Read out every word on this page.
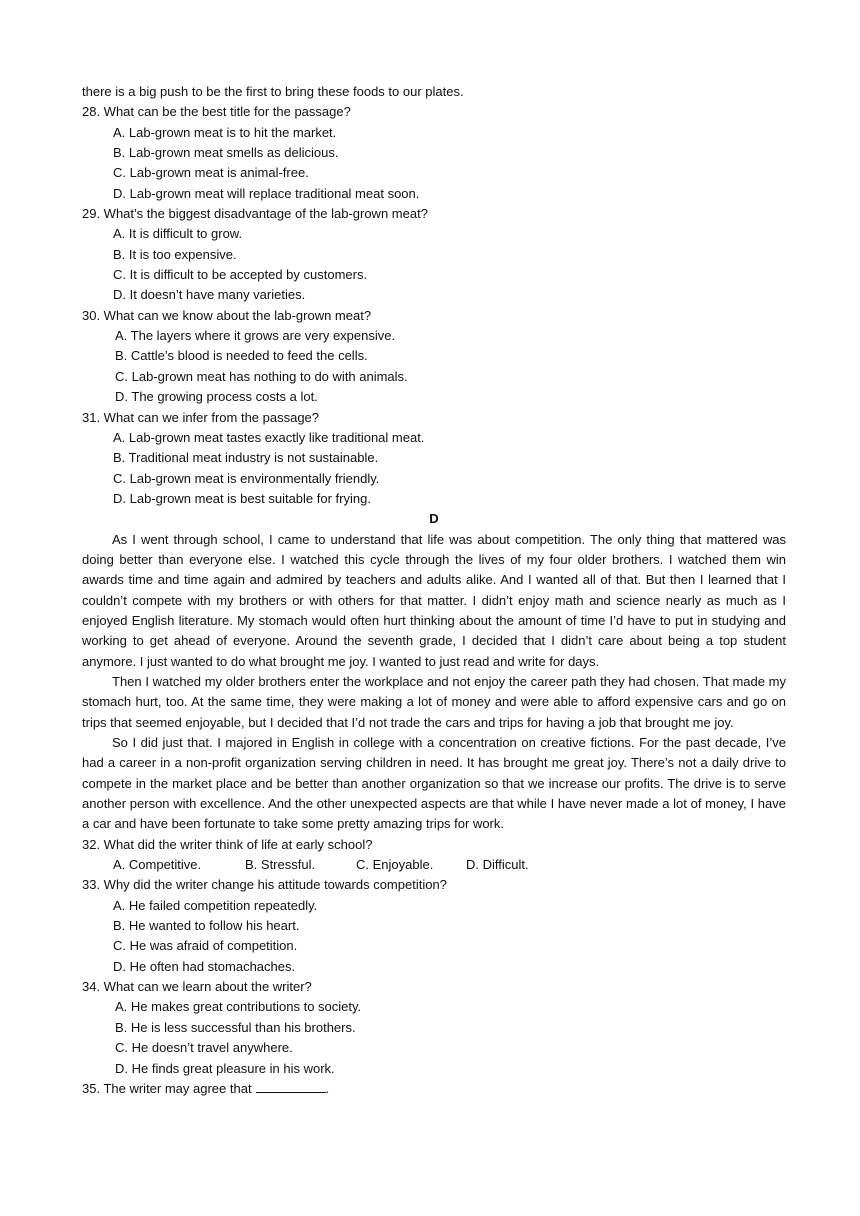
there is a big push to be the first to bring these foods to our plates.
28. What can be the best title for the passage?
A. Lab-grown meat is to hit the market.
B. Lab-grown meat smells as delicious.
C. Lab-grown meat is animal-free.
D. Lab-grown meat will replace traditional meat soon.
29. What’s the biggest disadvantage of the lab-grown meat?
A. It is difficult to grow.
B. It is too expensive.
C. It is difficult to be accepted by customers.
D. It doesn’t have many varieties.
30. What can we know about the lab-grown meat?
A. The layers where it grows are very expensive.
B. Cattle’s blood is needed to feed the cells.
C. Lab-grown meat has nothing to do with animals.
D. The growing process costs a lot.
31. What can we infer from the passage?
A. Lab-grown meat tastes exactly like traditional meat.
B. Traditional meat industry is not sustainable.
C. Lab-grown meat is environmentally friendly.
D. Lab-grown meat is best suitable for frying.
D

As I went through school, I came to understand that life was about competition. The only thing that mattered was doing better than everyone else. I watched this cycle through the lives of my four older brothers. I watched them win awards time and time again and admired by teachers and adults alike. And I wanted all of that. But then I learned that I couldn’t compete with my brothers or with others for that matter. I didn’t enjoy math and science nearly as much as I enjoyed English literature. My stomach would often hurt thinking about the amount of time I’d have to put in studying and working to get ahead of everyone. Around the seventh grade, I decided that I didn’t care about being a top student anymore. I just wanted to do what brought me joy. I wanted to just read and write for days.

Then I watched my older brothers enter the workplace and not enjoy the career path they had chosen. That made my stomach hurt, too. At the same time, they were making a lot of money and were able to afford expensive cars and go on trips that seemed enjoyable, but I decided that I’d not trade the cars and trips for having a job that brought me joy.

So I did just that. I majored in English in college with a concentration on creative fictions. For the past decade, I’ve had a career in a non-profit organization serving children in need. It has brought me great joy. There’s not a daily drive to compete in the market place and be better than another organization so that we increase our profits. The drive is to serve another person with excellence. And the other unexpected aspects are that while I have never made a lot of money, I have a car and have been fortunate to take some pretty amazing trips for work.

32. What did the writer think of life at early school?
A. Competitive.	B. Stressful.	C. Enjoyable.	D. Difficult.
33. Why did the writer change his attitude towards competition?
A. He failed competition repeatedly.
B. He wanted to follow his heart.
C. He was afraid of competition.
D. He often had stomachaches.
34. What can we learn about the writer?
A. He makes great contributions to society.
B. He is less successful than his brothers.
C. He doesn’t travel anywhere.
D. He finds great pleasure in his work.
35. The writer may agree that	.
